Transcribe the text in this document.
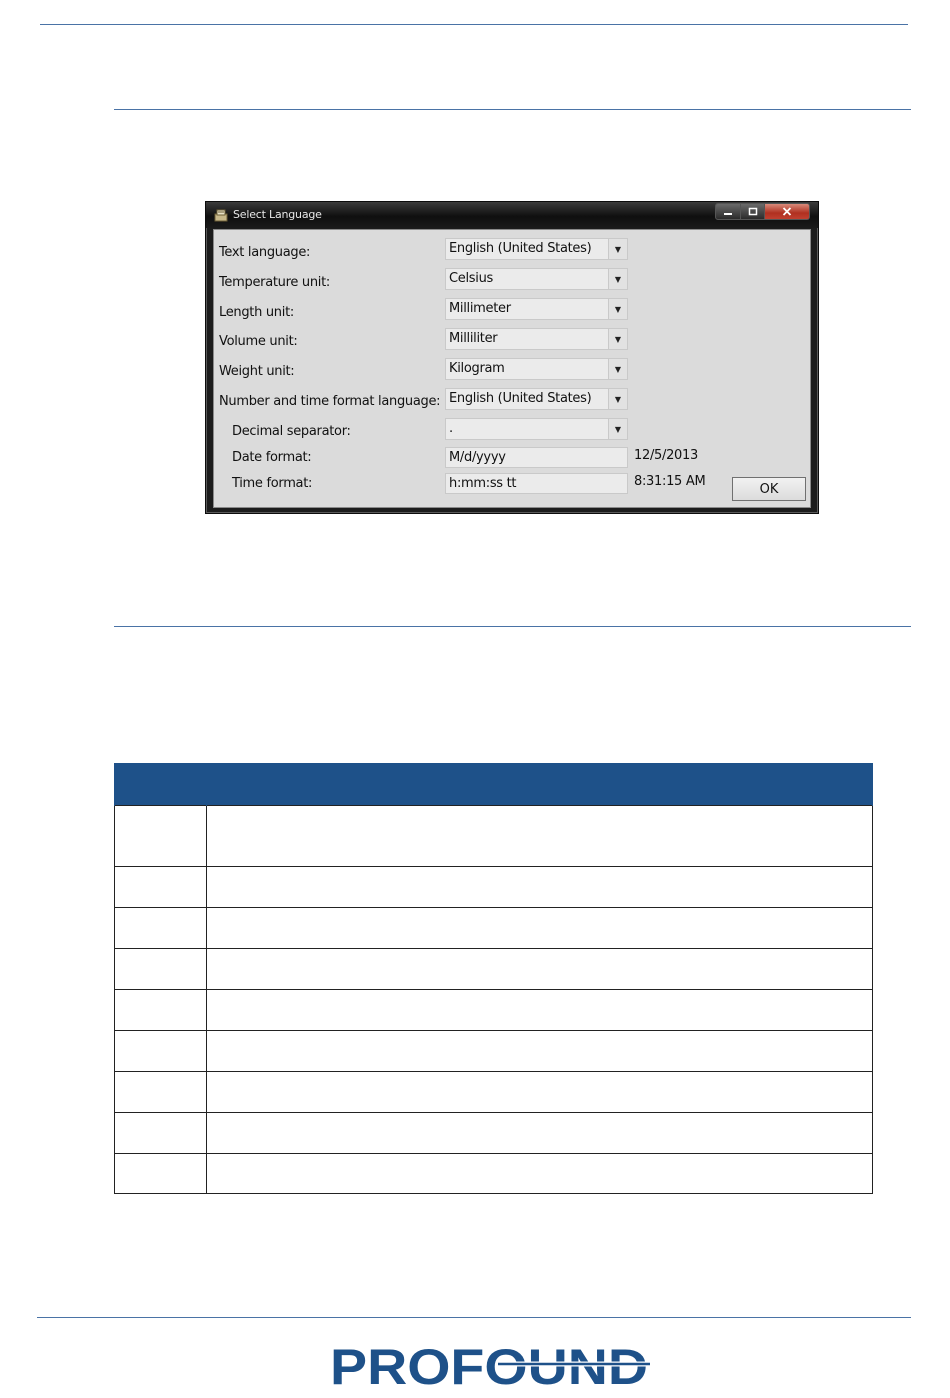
Select Language
Text language:	English (United States)	▼
Temperature unit:	Celsius	▼
Length unit:	Millimeter	▼
Volume unit:	Milliliter	▼
Weight unit:	Kilogram	▼
Number and time format language: English (United States)	▼
Decimal separator:	.	▼
Date format:	M/d/yyyy	12/5/2013
Time format:	h:mm:ss tt	8:31:15 AM	OK

PROFOUND
